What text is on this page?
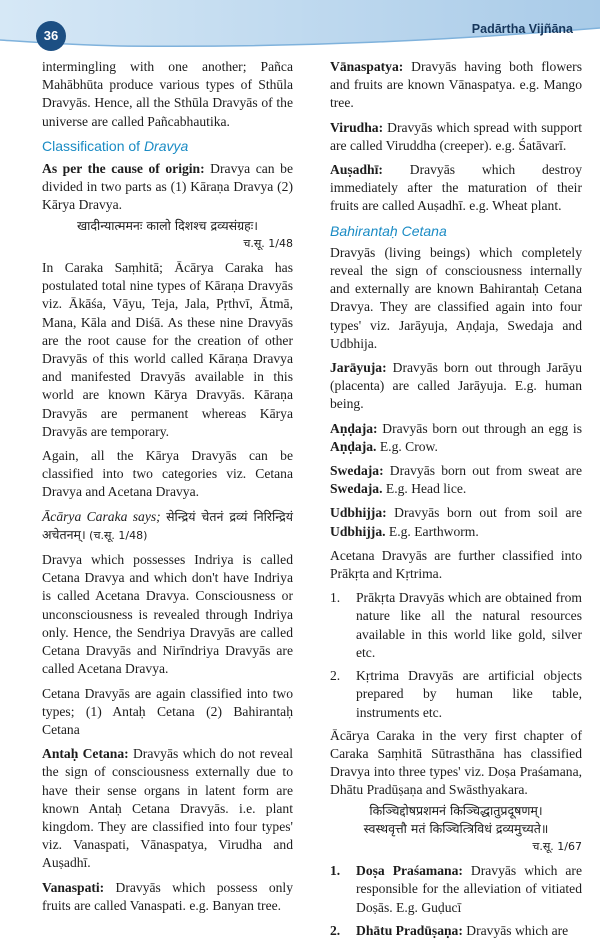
36	Padārtha Vijñāna

intermingling with one another; Pañca Mahābhūta produce various types of Sthūla Dravyās. Hence, all the Sthūla Dravyās of the universe are called Pañcabhautika.

Classification of Dravya

As per the cause of origin: Dravya can be divided in two parts as (1) Kāraṇa Dravya (2) Kārya Dravya.

खादीन्यात्ममनः कालो दिशश्च द्रव्यसंग्रहः।
च.सू. 1/48

In Caraka Saṃhitā; Ācārya Caraka has postulated total nine types of Kāraṇa Dravyās viz. Ākāśa, Vāyu, Teja, Jala, Pṛthvī, Ātmā, Mana, Kāla and Diśā. As these nine Dravyās are the root cause for the creation of other Dravyās of this world called Kāraṇa Dravya and manifested Dravyās available in this world are known Kārya Dravyās. Kāraṇa Dravyās are permanent whereas Kārya Dravyās are temporary.

Again, all the Kārya Dravyās can be classified into two categories viz. Cetana Dravya and Acetana Dravya.

Ācārya Caraka says; सेन्द्रियं चेतनं द्रव्यं निरिन्द्रियं अचेतनम्। (च.सू. 1/48)

Dravya which possesses Indriya is called Cetana Dravya and which don't have Indriya is called Acetana Dravya. Consciousness or unconsciousness is revealed through Indriya only. Hence, the Sendriya Dravyās are called Cetana Dravyās and Nirīndriya Dravyās are called Acetana Dravya.

Cetana Dravyās are again classified into two types; (1) Antaḥ Cetana (2) Bahirantaḥ Cetana

Antaḥ Cetana: Dravyās which do not reveal the sign of consciousness externally due to have their sense organs in latent form are known Antaḥ Cetana Dravyās. i.e. plant kingdom. They are classified into four types' viz. Vanaspati, Vānaspatya, Virudha and Auṣadhī.

Vanaspati: Dravyās which possess only fruits are called Vanaspati. e.g. Banyan tree.

Vānaspatya: Dravyās having both flowers and fruits are known Vānaspatya. e.g. Mango tree.

Virudha: Dravyās which spread with support are called Viruddha (creeper). e.g. Śatāvarī.

Auṣadhī: Dravyās which destroy immediately after the maturation of their fruits are called Auṣadhī. e.g. Wheat plant.

Bahirantaḥ Cetana

Dravyās (living beings) which completely reveal the sign of consciousness internally and externally are known Bahirantaḥ Cetana Dravya. They are classified again into four types' viz. Jarāyuja, Aṇḍaja, Swedaja and Udbhija.

Jarāyuja: Dravyās born out through Jarāyu (placenta) are called Jarāyuja. E.g. human being.

Aṇḍaja: Dravyās born out through an egg is Aṇḍaja. E.g. Crow.

Swedaja: Dravyās born out from sweat are Swedaja. E.g. Head lice.

Udbhijja: Dravyās born out from soil are Udbhijja. E.g. Earthworm.

Acetana Dravyās are further classified into Prākṛta and Kṛtrima.

1. Prākṛta Dravyās which are obtained from nature like all the natural resources available in this world like gold, silver etc.
2. Kṛtrima Dravyās are artificial objects prepared by human like table, instruments etc.

Ācārya Caraka in the very first chapter of Caraka Saṃhitā Sūtrasthāna has classified Dravya into three types' viz. Doṣa Praśamana, Dhātu Pradūṣaṇa and Swāsthyakara.

किञ्चिद्दोषप्रशमनं किञ्चिद्धातुप्रदूषणम्।
स्वस्थवृत्तौ मतं किञ्चित्त्रिविधं द्रव्यमुच्यते॥
च.सू. 1/67
1. Doṣa Praśamana: Dravyās which are responsible for the alleviation of vitiated Doṣās. E.g. Guḍucī
2. Dhātu Pradūṣaṇa: Dravyās which are
